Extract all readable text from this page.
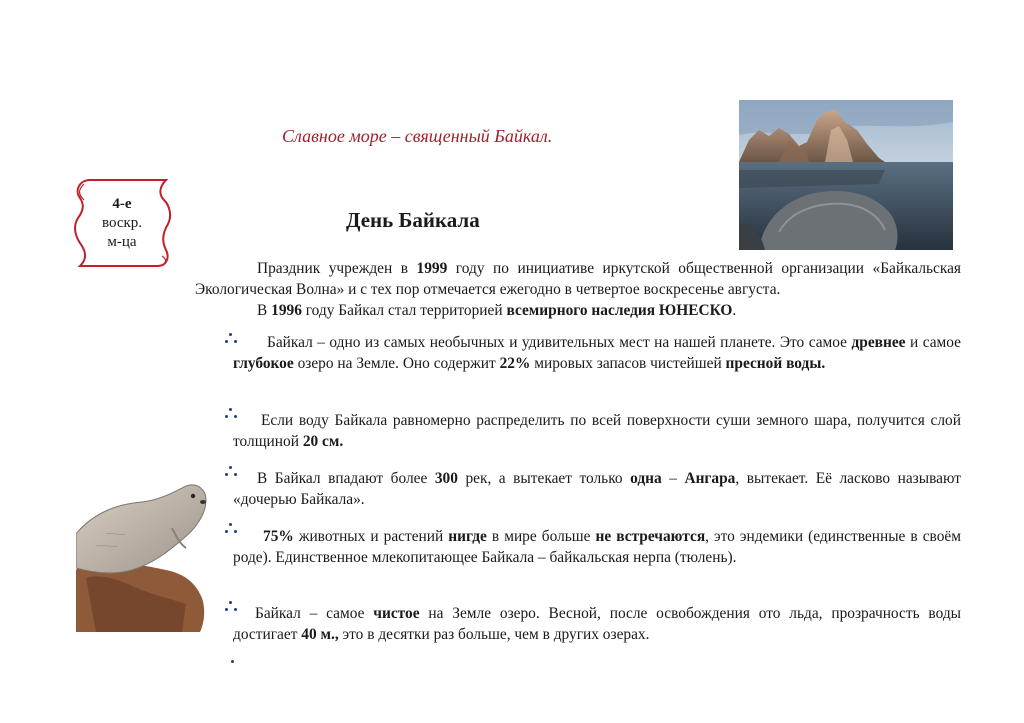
Славное море – священный Байкал.
4-е
воскр.
м-ца
День Байкала

Праздник учрежден в 1999 году по инициативе иркутской общественной организации «Байкальская Экологическая Волна» и с тех пор отмечается ежегодно в четвертое воскресенье августа.

В 1996 году Байкал стал территорией всемирного наследия ЮНЕСКО.

Байкал – одно из самых необычных и удивительных мест на нашей планете. Это самое древнее и самое глубокое озеро на Земле. Оно содержит 22% мировых запасов чистейшей пресной воды.

Если воду Байкала равномерно распределить по всей поверхности суши земного шара, получится слой толщиной 20 см.

В Байкал впадают более 300 рек, а вытекает только одна – Ангара, вытекает. Её ласково называют «дочерью Байкала».

75% животных и растений нигде в мире больше не встречаются, это эндемики (единственные в своём роде). Единственное млекопитающее Байкала – байкальская нерпа (тюлень).

Байкал – самое чистое на Земле озеро. Весной, после освобождения ото льда, прозрачность воды достигает 40 м., это в десятки раз больше, чем в других озерах.
